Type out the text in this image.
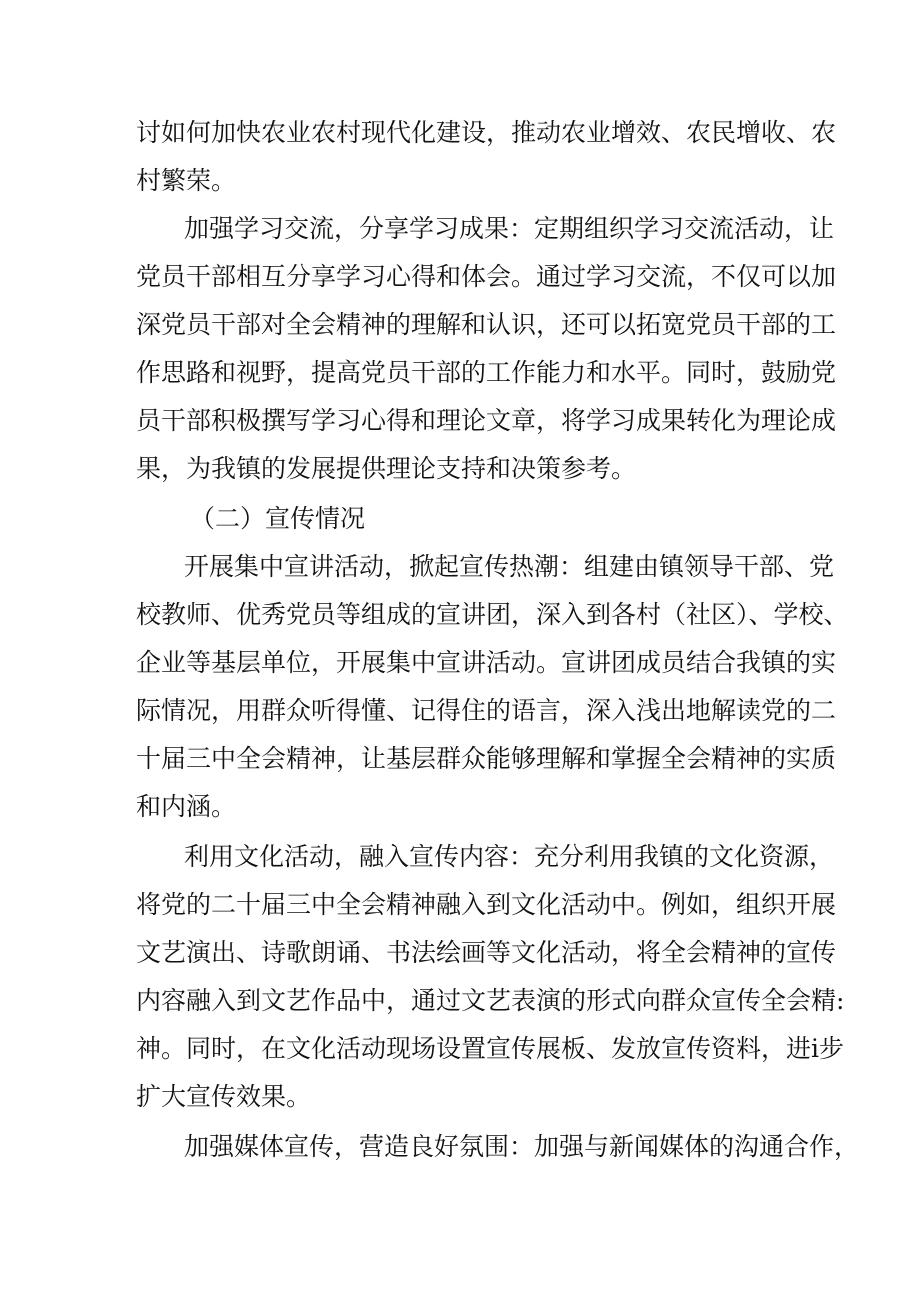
讨如何加快农业农村现代化建设，推动农业增效、农民增收、农
村繁荣。
加强学习交流，分享学习成果：定期组织学习交流活动，让
党员干部相互分享学习心得和体会。通过学习交流，不仅可以加
深党员干部对全会精神的理解和认识，还可以拓宽党员干部的工
作思路和视野，提高党员干部的工作能力和水平。同时，鼓励党
员干部积极撰写学习心得和理论文章，将学习成果转化为理论成
果，为我镇的发展提供理论支持和决策参考。
（二）宣传情况
开展集中宣讲活动，掀起宣传热潮：组建由镇领导干部、党
校教师、优秀党员等组成的宣讲团，深入到各村（社区）、学校、
企业等基层单位，开展集中宣讲活动。宣讲团成员结合我镇的实
际情况，用群众听得懂、记得住的语言，深入浅出地解读党的二
十届三中全会精神，让基层群众能够理解和掌握全会精神的实质
和内涵。
利用文化活动，融入宣传内容：充分利用我镇的文化资源，
将党的二十届三中全会精神融入到文化活动中。例如，组织开展
文艺演出、诗歌朗诵、书法绘画等文化活动，将全会精神的宣传
内容融入到文艺作品中，通过文艺表演的形式向群众宣传全会精:
神。同时，在文化活动现场设置宣传展板、发放宣传资料，进i步
扩大宣传效果。
加强媒体宣传，营造良好氛围：加强与新闻媒体的沟通合作，
